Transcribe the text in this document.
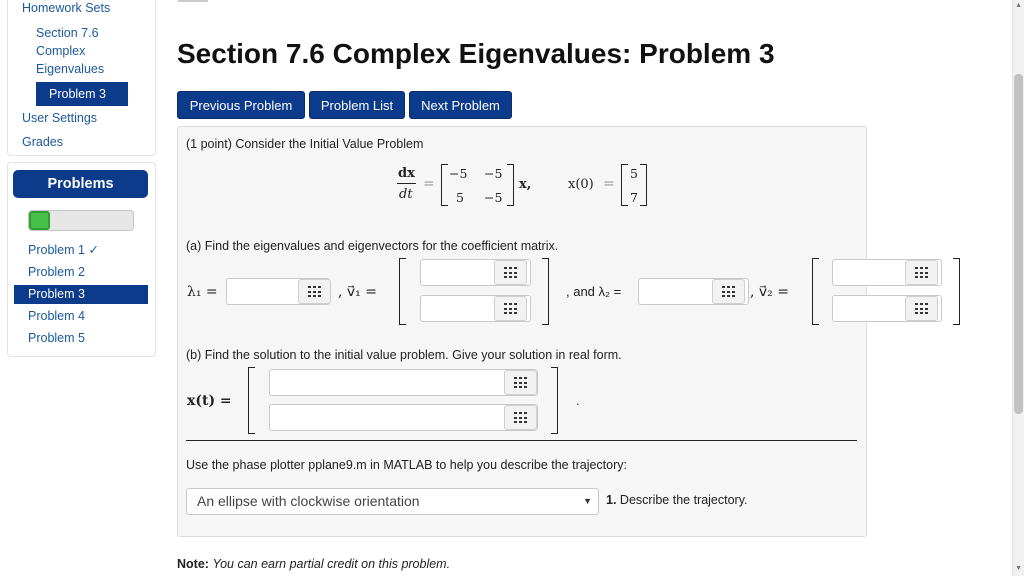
Homework Sets
Section 7.6
Complex
Eigenvalues
Problem 3
User Settings
Grades
Problems
Problem 1 ✓
Problem 2
Problem 3
Problem 4
Problem 5
Section 7.6 Complex Eigenvalues: Problem 3
Previous Problem	Problem List	Next Problem
(1 point) Consider the Initial Value Problem
dx
dt
=
−5 −5
5 −5
x,	x(0) =
5
7
(a) Find the eigenvalues and eigenvectors for the coefficient matrix.
λ₁ =	, v⃗₁ =	, and λ₂ =	, v⃗₂ =
(b) Find the solution to the initial value problem. Give your solution in real form.
x(t) =	.
Use the phase plotter pplane9.m in MATLAB to help you describe the trajectory:
An ellipse with clockwise orientation	▼ 1. Describe the trajectory.
Note: You can earn partial credit on this problem.
▲
▼
